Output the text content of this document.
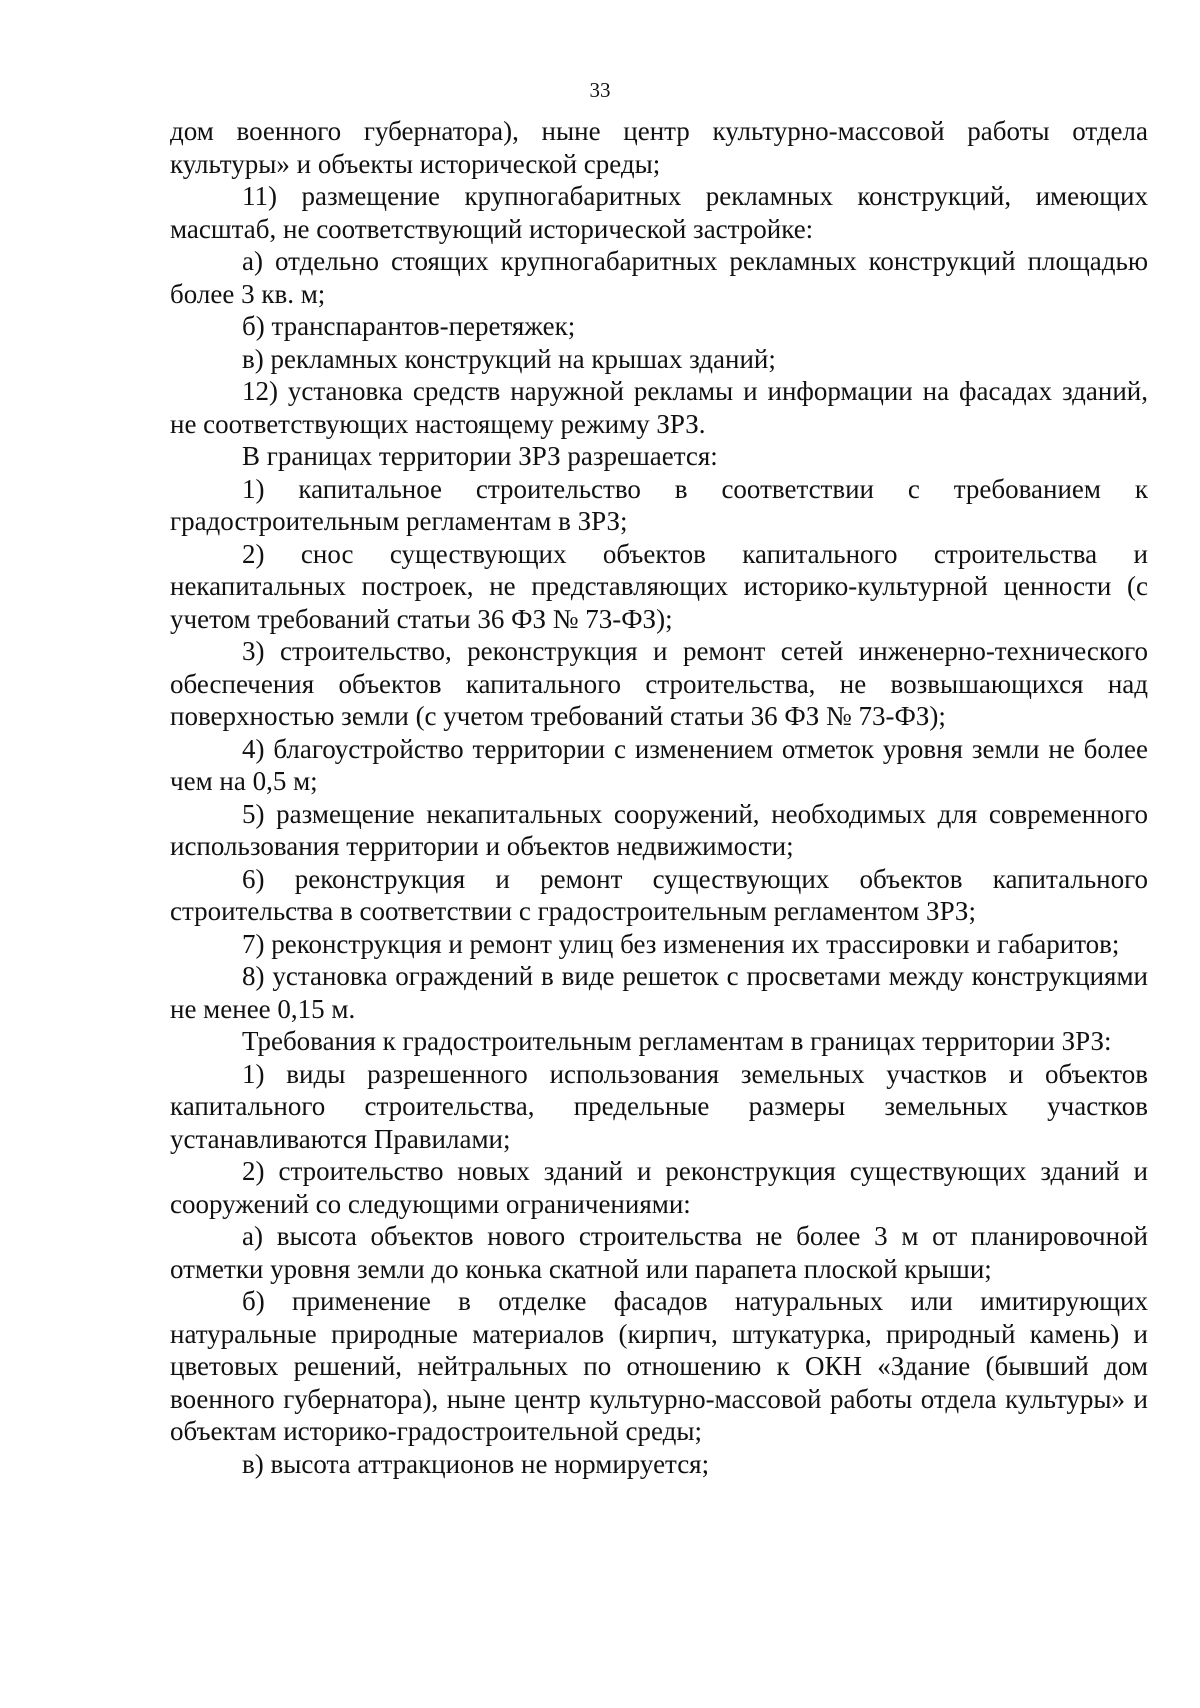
33

дом военного губернатора), ныне центр культурно-массовой работы отдела культуры» и объекты исторической среды;

11) размещение крупногабаритных рекламных конструкций, имеющих масштаб, не соответствующий исторической застройке:

а) отдельно стоящих крупногабаритных рекламных конструкций площадью более 3 кв. м;

б) транспарантов-перетяжек;

в) рекламных конструкций на крышах зданий;

12) установка средств наружной рекламы и информации на фасадах зданий, не соответствующих настоящему режиму ЗРЗ.

В границах территории ЗРЗ разрешается:

1) капитальное строительство в соответствии с требованием к градостроительным регламентам в ЗРЗ;

2) снос существующих объектов капитального строительства и некапитальных построек, не представляющих историко-культурной ценности (с учетом требований статьи 36 ФЗ № 73-ФЗ);

3) строительство, реконструкция и ремонт сетей инженерно-технического обеспечения объектов капитального строительства, не возвышающихся над поверхностью земли (с учетом требований статьи 36 ФЗ № 73-ФЗ);

4) благоустройство территории с изменением отметок уровня земли не более чем на 0,5 м;

5) размещение некапитальных сооружений, необходимых для современного использования территории и объектов недвижимости;

6) реконструкция и ремонт существующих объектов капитального строительства в соответствии с градостроительным регламентом ЗРЗ;

7) реконструкция и ремонт улиц без изменения их трассировки и габаритов;

8) установка ограждений в виде решеток с просветами между конструкциями не менее 0,15 м.

Требования к градостроительным регламентам в границах территории ЗРЗ:

1) виды разрешенного использования земельных участков и объектов капитального строительства, предельные размеры земельных участков устанавливаются Правилами;

2) строительство новых зданий и реконструкция существующих зданий и сооружений со следующими ограничениями:

а) высота объектов нового строительства не более 3 м от планировочной отметки уровня земли до конька скатной или парапета плоской крыши;

б) применение в отделке фасадов натуральных или имитирующих натуральные природные материалов (кирпич, штукатурка, природный камень) и цветовых решений, нейтральных по отношению к ОКН «Здание (бывший дом военного губернатора), ныне центр культурно-массовой работы отдела культуры» и объектам историко-градостроительной среды;

в) высота аттракционов не нормируется;
